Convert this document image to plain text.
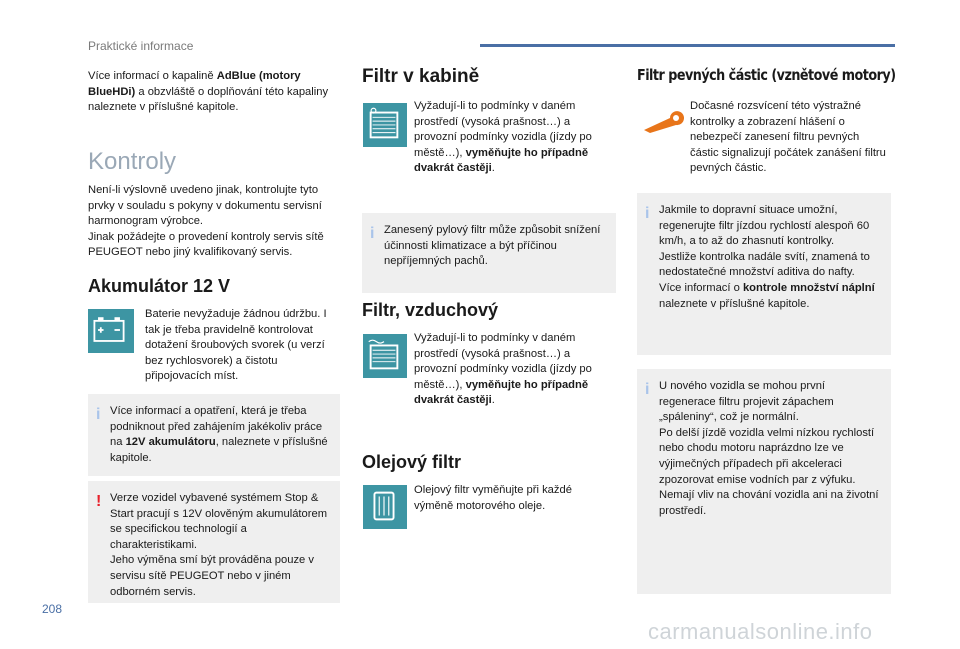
Praktické informace

Více informací o kapalině AdBlue (motory BlueHDi) a obzvláště o doplňování této kapaliny naleznete v příslušné kapitole.

Kontroly

Není-li výslovně uvedeno jinak, kontrolujte tyto prvky v souladu s pokyny v dokumentu servisní harmonogram výrobce.

Jinak požádejte o provedení kontroly servis sítě PEUGEOT nebo jiný kvalifikovaný servis.

Akumulátor 12 V

Baterie nevyžaduje žádnou údržbu. I tak je třeba pravidelně kontrolovat dotažení šroubových svorek (u verzí bez rychlosvorek) a čistotu připojovacích míst.

i Více informací a opatření, která je třeba podniknout před zahájením jakékoliv práce na 12V akumulátoru, naleznete v příslušné kapitole.

! Verze vozidel vybavené systémem Stop & Start pracují s 12V olověným akumulátorem se specifickou technologií a charakteristikami.

Jeho výměna smí být prováděna pouze v servisu sítě PEUGEOT nebo v jiném odborném servis.

Filtr v kabině

Vyžadují-li to podmínky v daném prostředí (vysoká prašnost…) a provozní podmínky vozidla (jízdy po městě…), vyměňujte ho případně dvakrát častěji.

i Zanesený pylový filtr může způsobit snížení účinnosti klimatizace a být příčinou nepříjemných pachů.

Filtr, vzduchový

Vyžadují-li to podmínky v daném prostředí (vysoká prašnost…) a provozní podmínky vozidla (jízdy po městě…), vyměňujte ho případně dvakrát častěji.

Olejový filtr

Olejový filtr vyměňujte při každé výměně motorového oleje.

Filtr pevných částic (vznětové motory)

Dočasné rozsvícení této výstražné kontrolky a zobrazení hlášení o nebezpečí zanesení filtru pevných částic signalizují počátek zanášení filtru pevných částic.

i Jakmile to dopravní situace umožní, regenerujte filtr jízdou rychlostí alespoň 60 km/h, a to až do zhasnutí kontrolky.

Jestliže kontrolka nadále svítí, znamená to nedostatečné množství aditiva do nafty.

Více informací o kontrole množství náplní naleznete v příslušné kapitole.

i U nového vozidla se mohou první regenerace filtru projevit zápachem „spáleniny“, což je normální.

Po delší jízdě vozidla velmi nízkou rychlostí nebo chodu motoru naprázdno lze ve výjimečných případech při akceleraci zpozorovat emise vodních par z výfuku. Nemají vliv na chování vozidla ani na životní prostředí.

208
carmanualsonline.info
